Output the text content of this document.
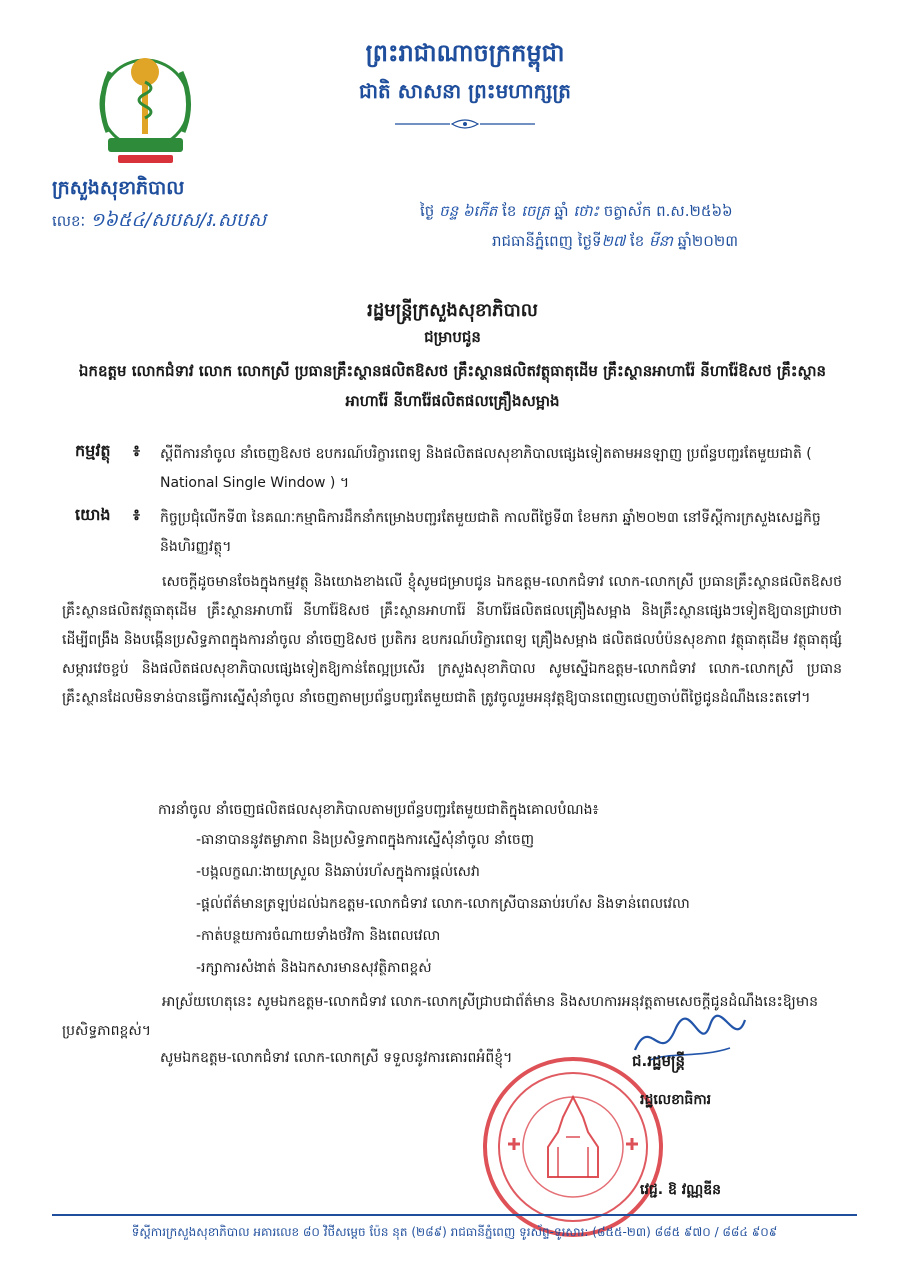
ព្រះរាជាណាចក្រកម្ពុជា
ជាតិ សាសនា ព្រះមហាក្សត្រ
ក្រសួងសុខាភិបាល
លេខៈ ១៦៥៤/សបស/រ.សបស	ថ្ងៃ ចន្ទ ៦កើត ខែ ចេត្រ ឆ្នាំ ថោះ ចត្វាស័ក ព.ស.២៥៦៦
រាជធានីភ្នំពេញ ថ្ងៃទី២៧ ខែ មីនា ឆ្នាំ២០២៣
រដ្ឋមន្ត្រីក្រសួងសុខាភិបាល
ជម្រាបជូន
ឯកឧត្តម លោកជំទាវ លោក លោកស្រី ប្រធានគ្រឹះស្ថានផលិតឱសថ គ្រឹះស្ថានផលិតវត្ថុធាតុដើម គ្រឹះស្ថានអាហារ៉ែ នីហារ៉ែឱសថ គ្រឹះស្ថានអាហារ៉ែ នីហារ៉ែផលិតផលគ្រឿងសម្អាង
កម្មវត្ថុ ៖ ស្ដីពីការនាំចូល នាំចេញឱសថ ឧបករណ៍បរិក្ខារពេទ្យ និងផលិតផលសុខាភិបាលផ្សេងទៀតតាមអនឡាញ ប្រព័ន្ធបញ្ជរតែមួយជាតិ ( National Single Window ) ។
យោង ៖ កិច្ចប្រជុំលើកទី៣ នៃគណៈកម្មាធិការដឹកនាំកម្រោងបញ្ជរតែមួយជាតិ កាលពីថ្ងៃទី៣ ខែមករា ឆ្នាំ២០២៣ នៅទីស្ដីការក្រសួងសេដ្ឋកិច្ចនិងហិរញ្ញវត្ថុ។
សេចក្ដីដូចមានចែងក្នុងកម្មវត្ថុ និងយោងខាងលើ ខ្ញុំសូមជម្រាបជូន ឯកឧត្តម-លោកជំទាវ លោក-លោកស្រី ប្រធានគ្រឹះស្ថានផលិតឱសថ គ្រឹះស្ថានផលិតវត្ថុធាតុដើម គ្រឹះស្ថានអាហារ៉ែ នីហារ៉ែឱសថ គ្រឹះស្ថានអាហារ៉ែ នីហារ៉ែផលិតផលគ្រឿងសម្អាង និងគ្រឹះស្ថានផ្សេងៗទៀតឱ្យបានជ្រាបថា ដើម្បីពង្រឹង និងបង្កើនប្រសិទ្ធភាពក្នុងការនាំចូល នាំចេញឱសថ ប្រតិករ ឧបករណ៍បរិក្ខារពេទ្យ គ្រឿងសម្អាង ផលិតផលបំប៉នសុខភាព វត្ថុធាតុដើម វត្ថុធាតុផ្សំ សម្ភារវេចខ្ចប់ និងផលិតផលសុខាភិបាលផ្សេងទៀតឱ្យកាន់តែល្អប្រសើរ ក្រសួងសុខាភិបាល សូមស្នើឯកឧត្តម-លោកជំទាវ លោក-លោកស្រី ប្រធានគ្រឹះស្ថានដែលមិនទាន់បានធ្វើការស្នើសុំនាំចូល នាំចេញតាមប្រព័ន្ធបញ្ជរតែមួយជាតិ ត្រូវចូលរួមអនុវត្តឱ្យបានពេញលេញចាប់ពីថ្ងៃជូនដំណឹងនេះតទៅ។
ការនាំចូល នាំចេញផលិតផលសុខាភិបាលតាមប្រព័ន្ធបញ្ជរតែមួយជាតិក្នុងគោលបំណង៖
-ធានាបាននូវតម្លាភាព និងប្រសិទ្ធភាពក្នុងការស្នើសុំនាំចូល នាំចេញ
-បង្កលក្ខណៈងាយស្រួល និងឆាប់រហ័សក្នុងការផ្ដល់សេវា
-ផ្ដល់ព័ត៌មានត្រឡប់ដល់ឯកឧត្តម-លោកជំទាវ លោក-លោកស្រីបានឆាប់រហ័ស និងទាន់ពេលវេលា
-កាត់បន្ថយការចំណាយទាំងថវិកា និងពេលវេលា
-រក្សាការសំងាត់ និងឯកសារមានសុវត្ថិភាពខ្ពស់
អាស្រ័យហេតុនេះ សូមឯកឧត្តម-លោកជំទាវ លោក-លោកស្រីជ្រាបជាព័ត៌មាន និងសហការអនុវត្តតាមសេចក្ដីជូនដំណឹងនេះឱ្យមានប្រសិទ្ធភាពខ្ពស់។
សូមឯកឧត្តម-លោកជំទាវ លោក-លោកស្រី ទទួលនូវការគោរពអំពីខ្ញុំ។	ជ.រដ្ឋមន្ត្រី
រដ្ឋលេខាធិការ
វេជ្ជ. ឱ វណ្ណឌីន
ទីស្ដីការក្រសួងសុខាភិបាល អគារលេខ ៨០ វិថីសម្ដេច ប៉ែន នុត (២៨៩) រាជធានីភ្នំពេញ ទូរស័ព្ទ-ទូរសារ: (៨៥៥-២៣) ៨៨៥ ៩៧០ / ៨៨៤ ៩០៩
